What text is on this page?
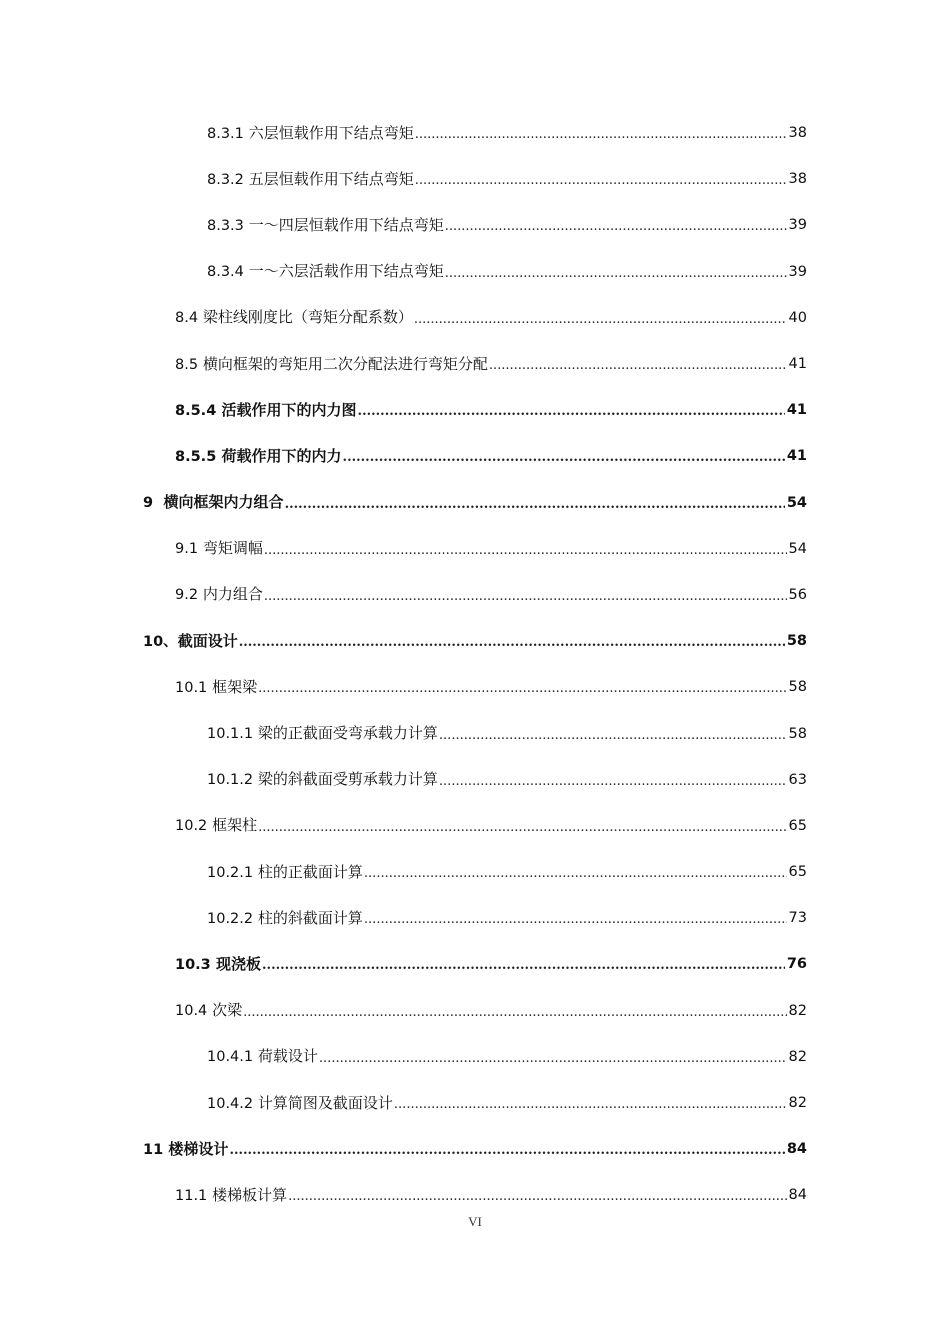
8.3.1 六层恒载作用下结点弯矩 .....	38
8.3.2 五层恒载作用下结点弯矩 .....	38
8.3.3 一～四层恒载作用下结点弯矩 .....	39
8.3.4 一～六层活载作用下结点弯矩 .....	39
8.4 梁柱线刚度比（弯矩分配系数） .....	40
8.5 横向框架的弯矩用二次分配法进行弯矩分配 .....	41
8.5.4 活载作用下的内力图 .....	41
8.5.5 荷载作用下的内力 .....	41
9 横向框架内力组合 .....	54
9.1 弯矩调幅 .....	54
9.2 内力组合 .....	56
10、截面设计 .....	58
10.1 框架梁 .....	58
10.1.1 梁的正截面受弯承载力计算 .....	58
10.1.2 梁的斜截面受剪承载力计算 .....	63
10.2 框架柱 .....	65
10.2.1 柱的正截面计算 .....	65
10.2.2 柱的斜截面计算 .....	73
10.3 现浇板 .....	76
10.4 次梁 .....	82
10.4.1 荷载设计 .....	82
10.4.2 计算简图及截面设计 .....	82
11 楼梯设计 .....	84
11.1 楼梯板计算 .....	84
VI
